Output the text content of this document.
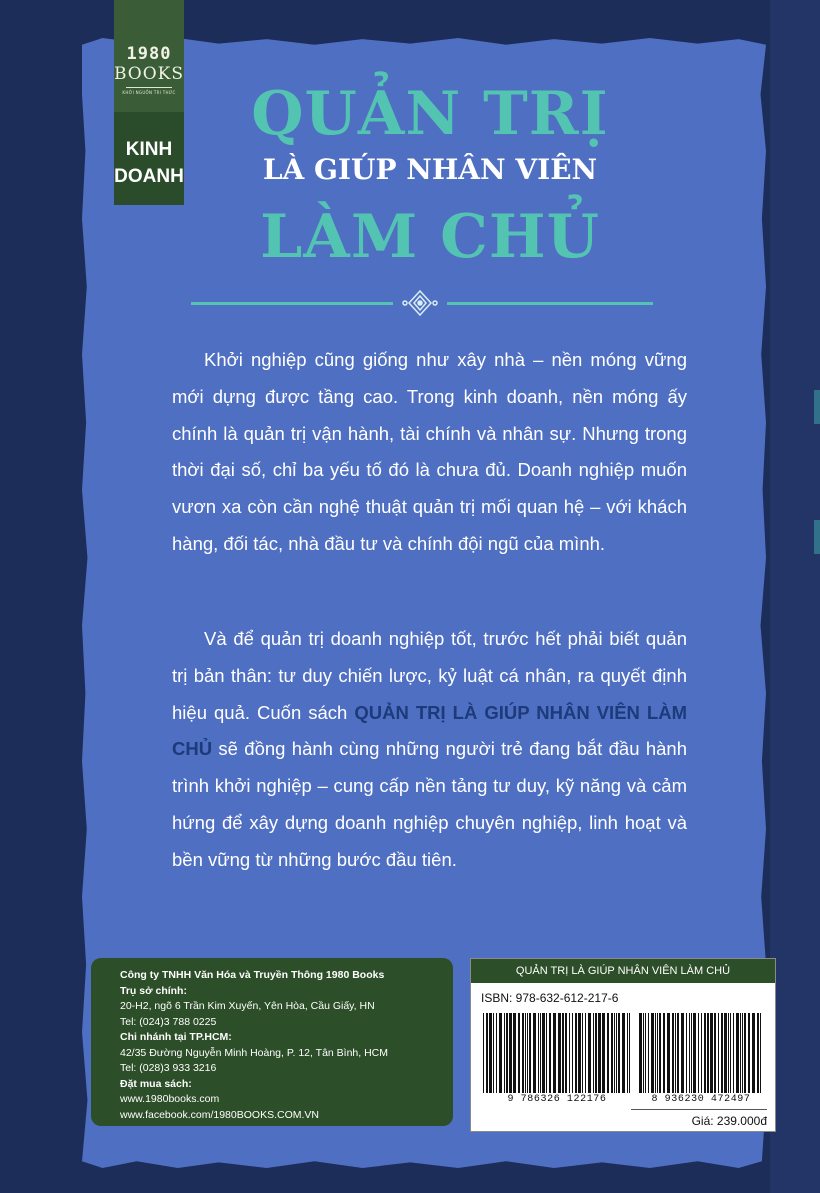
1980
BOOKS
KHỞI NGUỒN TRI THỨC
KINH
DOANH
QUẢN TRỊ
LÀ GIÚP NHÂN VIÊN
LÀM CHỦ

Khởi nghiệp cũng giống như xây nhà – nền móng vững mới dựng được tầng cao. Trong kinh doanh, nền móng ấy chính là quản trị vận hành, tài chính và nhân sự. Nhưng trong thời đại số, chỉ ba yếu tố đó là chưa đủ. Doanh nghiệp muốn vươn xa còn cần nghệ thuật quản trị mối quan hệ – với khách hàng, đối tác, nhà đầu tư và chính đội ngũ của mình.

Và để quản trị doanh nghiệp tốt, trước hết phải biết quản trị bản thân: tư duy chiến lược, kỷ luật cá nhân, ra quyết định hiệu quả. Cuốn sách QUẢN TRỊ LÀ GIÚP NHÂN VIÊN LÀM CHỦ sẽ đồng hành cùng những người trẻ đang bắt đầu hành trình khởi nghiệp – cung cấp nền tảng tư duy, kỹ năng và cảm hứng để xây dựng doanh nghiệp chuyên nghiệp, linh hoạt và bền vững từ những bước đầu tiên.

Công ty TNHH Văn Hóa và Truyền Thông 1980 Books
Trụ sở chính:
20-H2, ngõ 6 Trần Kim Xuyến, Yên Hòa, Cầu Giấy, HN
Tel: (024)3 788 0225
Chi nhánh tại TP.HCM:
42/35 Đường Nguyễn Minh Hoàng, P. 12, Tân Bình, HCM
Tel: (028)3 933 3216
Đặt mua sách:
www.1980books.com
www.facebook.com/1980BOOKS.COM.VN
QUẢN TRỊ LÀ GIÚP NHÂN VIÊN LÀM CHỦ
ISBN: 978-632-612-217-6
9 786326 122176	8 936230 472497
Giá: 239.000đ
